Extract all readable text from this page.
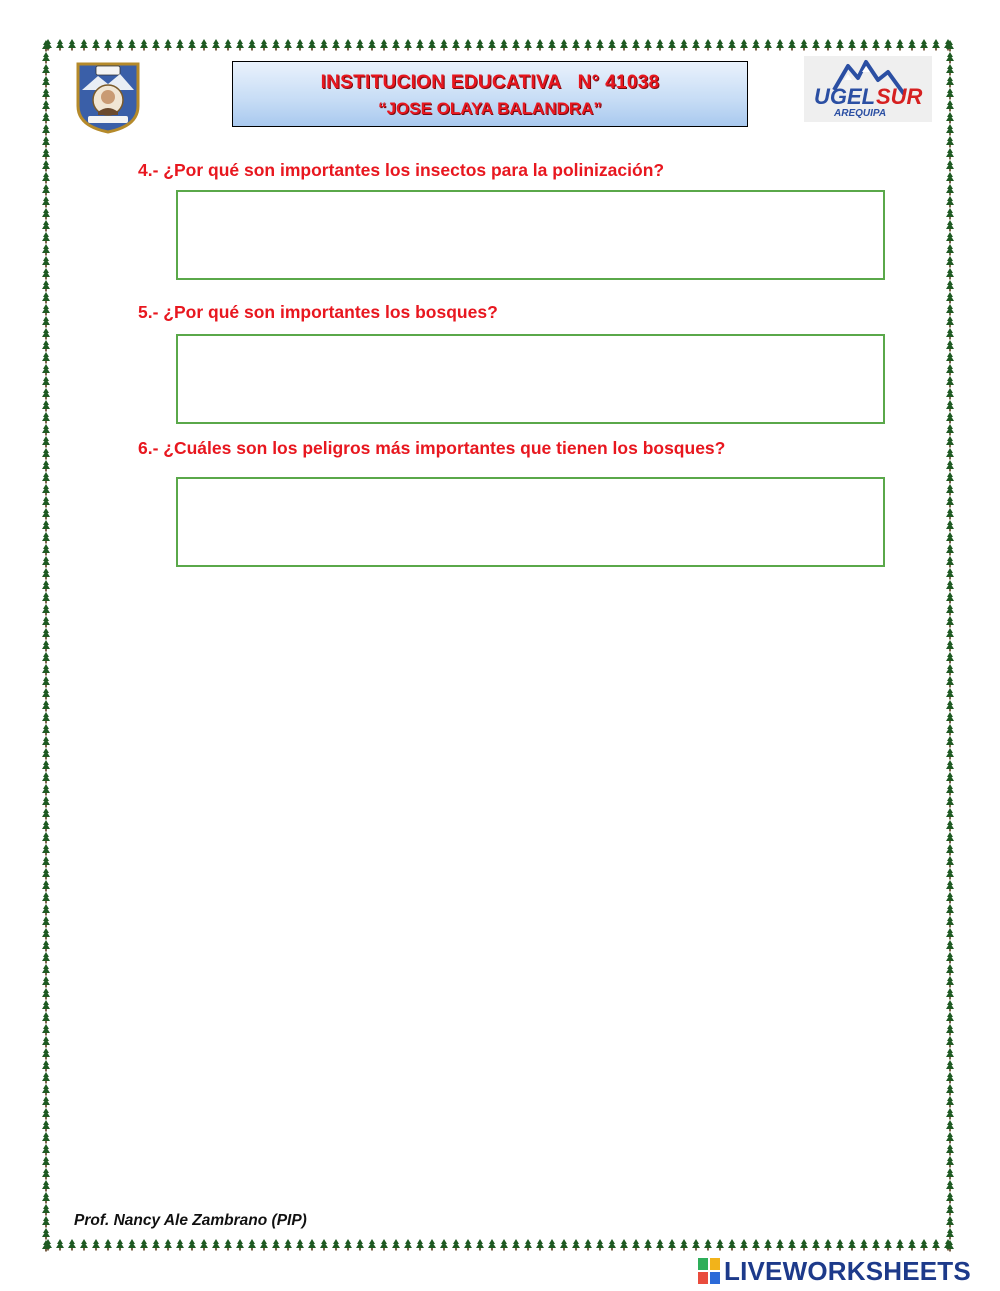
INSTITUCION EDUCATIVA   N° 41038
“JOSE OLAYA BALANDRA”	UGEL SUR
AREQUIPA
4.- ¿Por qué son importantes los insectos para la polinización?
5.- ¿Por qué son importantes los bosques?
6.- ¿Cuáles son los peligros más importantes que tienen los bosques?
Prof. Nancy Ale Zambrano (PIP)
LIVEWORKSHEETS
